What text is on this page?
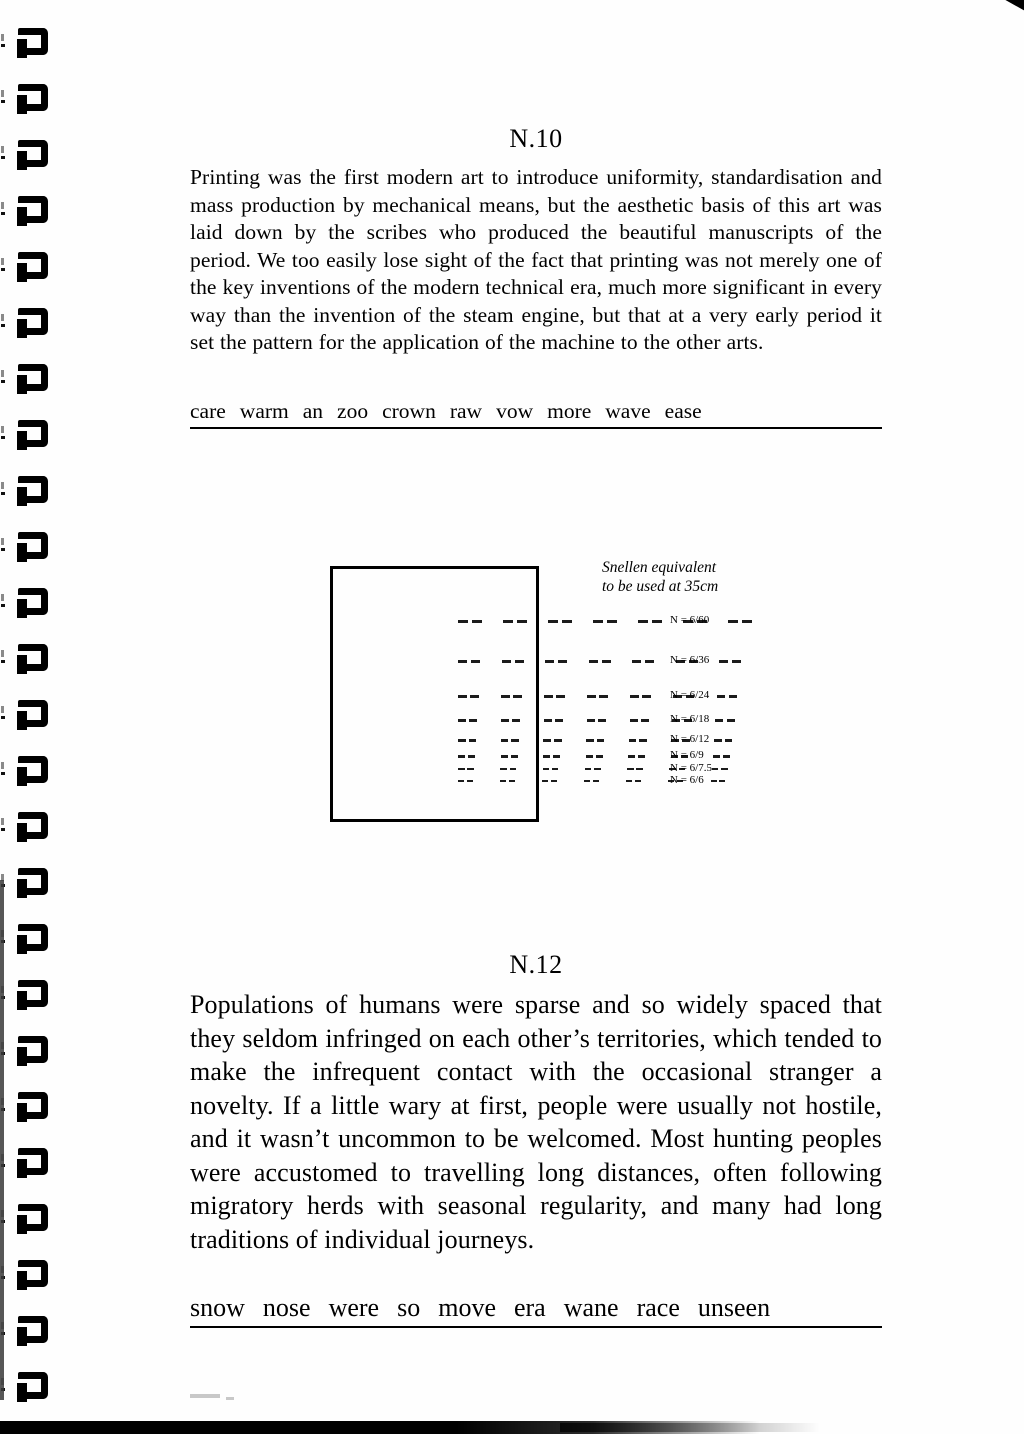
N.10

Printing was the first modern art to introduce uniformity, standardisation and mass production by mechanical means, but the aesthetic basis of this art was laid down by the scribes who produced the beautiful manuscripts of the period. We too easily lose sight of the fact that printing was not merely one of the key inventions of the modern technical era, much more significant in every way than the invention of the steam engine, but that at a very early period it set the pattern for the application of the machine to the other arts.

care warm an zoo crown raw vow more wave ease
Snellen equivalent
to be used at 35cm
N = 6/60
N = 6/36
N = 6/24
N = 6/18
N = 6/12
N = 6/9
N = 6/7.5
N = 6/6
N.12

Populations of humans were sparse and so widely spaced that they seldom infringed on each other’s territories, which tended to make the infrequent contact with the occasional stranger a novelty. If a little wary at first, people were usually not hostile, and it wasn’t uncommon to be welcomed. Most hunting peoples were accustomed to travelling long distances, often following migratory herds with seasonal regularity, and many had long traditions of individual journeys.

snow nose were so move era wane race unseen
